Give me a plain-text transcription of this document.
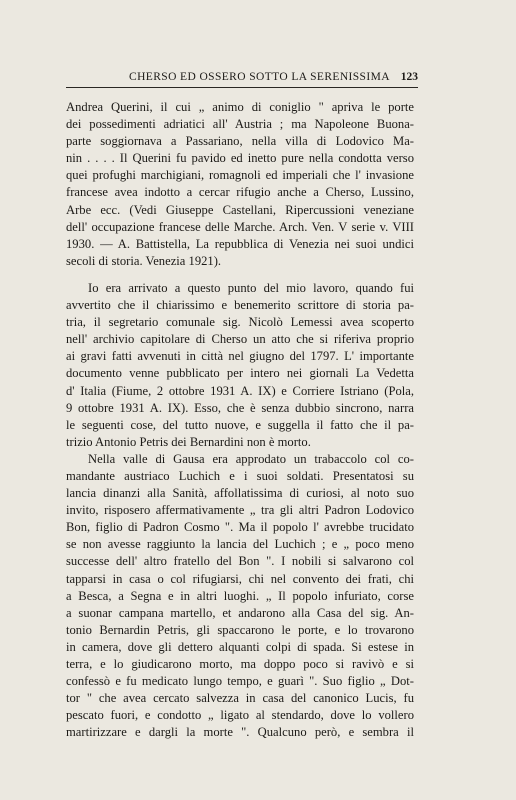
CHERSO ED OSSERO SOTTO LA SERENISSIMA 123
Andrea Querini, il cui „ animo di coniglio " apriva le porte
dei possedimenti adriatici all' Austria ; ma Napoleone Buona-
parte soggiornava a Passariano, nella villa di Lodovico Ma-
nin . . . . Il Querini fu pavido ed inetto pure nella condotta verso
quei profughi marchigiani, romagnoli ed imperiali che l' invasione
francese avea indotto a cercar rifugio anche a Cherso, Lussino,
Arbe ecc. (Vedi Giuseppe Castellani, Ripercussioni veneziane
dell' occupazione francese delle Marche. Arch. Ven. V serie v. VIII
1930. — A. Battistella, La repubblica di Venezia nei suoi undici
secoli di storia. Venezia 1921).
Io era arrivato a questo punto del mio lavoro, quando fui
avvertito che il chiarissimo e benemerito scrittore di storia pa-
tria, il segretario comunale sig. Nicolò Lemessi avea scoperto
nell' archivio capitolare di Cherso un atto che si riferiva proprio
ai gravi fatti avvenuti in città nel giugno del 1797. L' importante
documento venne pubblicato per intero nei giornali La Vedetta
d' Italia (Fiume, 2 ottobre 1931 A. IX) e Corriere Istriano (Pola,
9 ottobre 1931 A. IX). Esso, che è senza dubbio sincrono, narra
le seguenti cose, del tutto nuove, e suggella il fatto che il pa-
trizio Antonio Petris dei Bernardini non è morto.
Nella valle di Gausa era approdato un trabaccolo col co-
mandante austriaco Luchich e i suoi soldati. Presentatosi su
lancia dinanzi alla Sanità, affollatissima di curiosi, al noto suo
invito, risposero affermativamente „ tra gli altri Padron Lodovico
Bon, figlio di Padron Cosmo ". Ma il popolo l' avrebbe trucidato
se non avesse raggiunto la lancia del Luchich ; e „ poco meno
successe dell' altro fratello del Bon ". I nobili si salvarono col
tapparsi in casa o col rifugiarsi, chi nel convento dei frati, chi
a Besca, a Segna e in altri luoghi. „ Il popolo infuriato, corse
a suonar campana martello, et andarono alla Casa del sig. An-
tonio Bernardin Petris, gli spaccarono le porte, e lo trovarono
in camera, dove gli dettero alquanti colpi di spada. Si estese in
terra, e lo giudicarono morto, ma doppo poco si ravivò e si
confessò e fu medicato lungo tempo, e guarì ". Suo figlio „ Dot-
tor " che avea cercato salvezza in casa del canonico Lucis, fu
pescato fuori, e condotto „ ligato al stendardo, dove lo vollero
martirizzare e dargli la morte ". Qualcuno però, e sembra il
